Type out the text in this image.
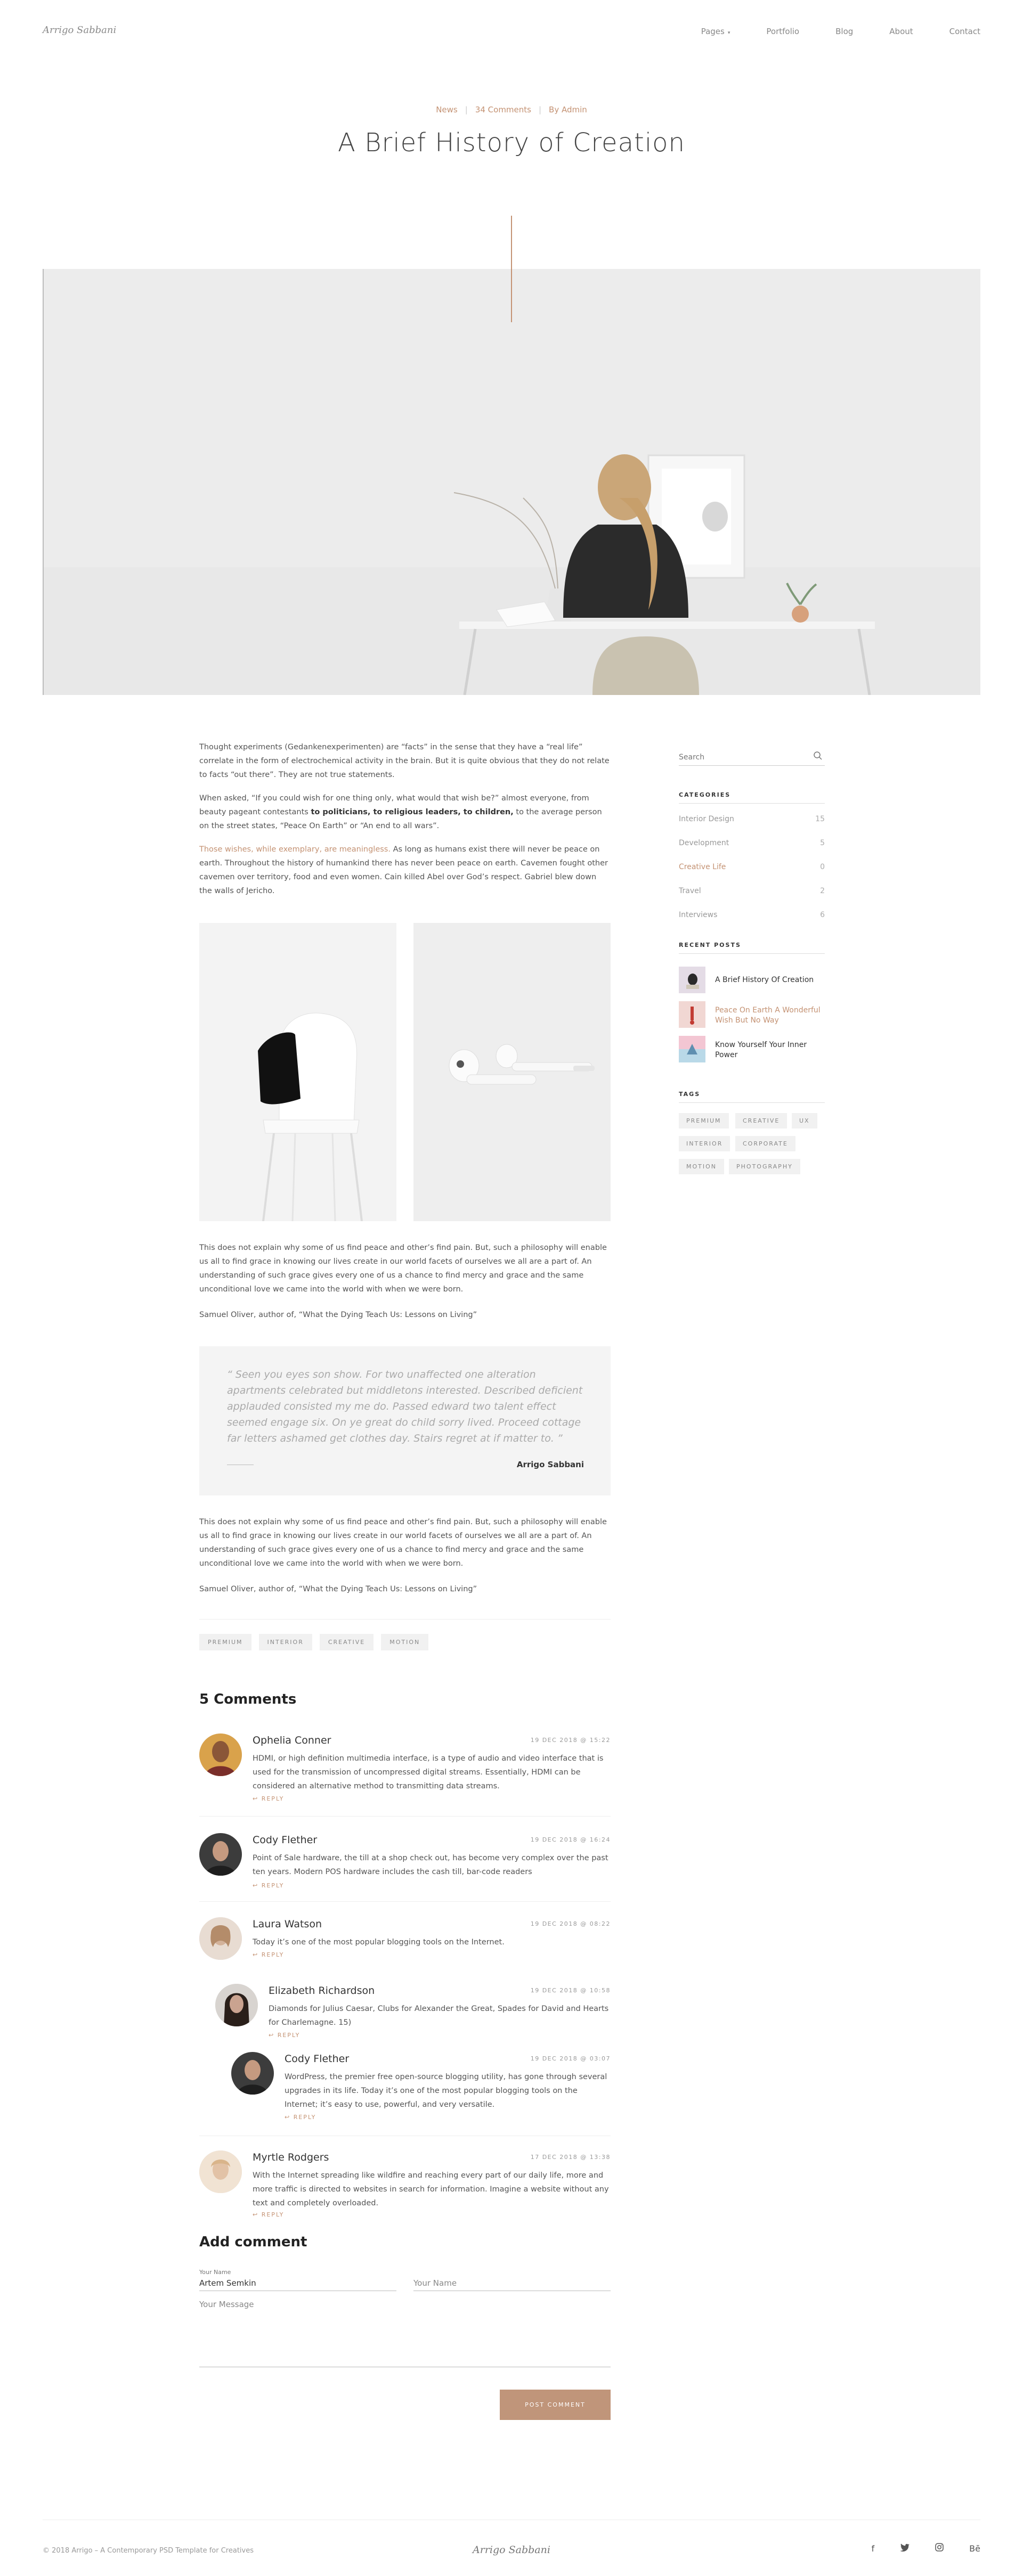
Arrigo Sabbani	Pages ▾	Portfolio	Blog	About	Contact
News | 34 Comments | By Admin
A Brief History of Creation

Thought experiments (Gedankenexperimenten) are “facts” in the sense that they have a “real life” correlate in the form of electrochemical activity in the brain. But it is quite obvious that they do not relate to facts “out there”. They are not true statements.

When asked, “If you could wish for one thing only, what would that wish be?” almost everyone, from beauty pageant contestants to politicians, to religious leaders, to children, to the average person on the street states, “Peace On Earth” or “An end to all wars”.

Those wishes, while exemplary, are meaningless. As long as humans exist there will never be peace on earth. Throughout the history of humankind there has never been peace on earth. Cavemen fought other cavemen over territory, food and even women. Cain killed Abel over God’s respect. Gabriel blew down the walls of Jericho.

This does not explain why some of us find peace and other’s find pain. But, such a philosophy will enable us all to find grace in knowing our lives create in our world facets of ourselves we all are a part of. An understanding of such grace gives every one of us a chance to find mercy and grace and the same unconditional love we came into the world with when we were born.

Samuel Oliver, author of, “What the Dying Teach Us: Lessons on Living”

“ Seen you eyes son show. For two unaffected one alteration apartments celebrated but middletons interested. Described deficient applauded consisted my me do. Passed edward two talent effect seemed engage six. On ye great do child sorry lived. Proceed cottage far letters ashamed get clothes day. Stairs regret at if matter to. ”
Arrigo Sabbani

This does not explain why some of us find peace and other’s find pain. But, such a philosophy will enable us all to find grace in knowing our lives create in our world facets of ourselves we all are a part of. An understanding of such grace gives every one of us a chance to find mercy and grace and the same unconditional love we came into the world with when we were born.

Samuel Oliver, author of, “What the Dying Teach Us: Lessons on Living”

PREMIUM	INTERIOR	CREATIVE	MOTION
5 Comments
Ophelia Conner	19 DEC 2018 @ 15:22
HDMI, or high definition multimedia interface, is a type of audio and video interface that is used for the transmission of uncompressed digital streams. Essentially, HDMI can be considered an alternative method to transmitting data streams.
↩ REPLY
Cody Flether	19 DEC 2018 @ 16:24
Point of Sale hardware, the till at a shop check out, has become very complex over the past ten years. Modern POS hardware includes the cash till, bar-code readers
↩ REPLY
Laura Watson	19 DEC 2018 @ 08:22
Today it’s one of the most popular blogging tools on the Internet.
↩ REPLY
Elizabeth Richardson	19 DEC 2018 @ 10:58
Diamonds for Julius Caesar, Clubs for Alexander the Great, Spades for David and Hearts for Charlemagne. 15)
↩ REPLY
Cody Flether	19 DEC 2018 @ 03:07
WordPress, the premier free open-source blogging utility, has gone through several upgrades in its life. Today it’s one of the most popular blogging tools on the Internet; it’s easy to use, powerful, and very versatile.
↩ REPLY
Myrtle Rodgers	17 DEC 2018 @ 13:38
With the Internet spreading like wildfire and reaching every part of our daily life, more and more traffic is directed to websites in search for information. Imagine a website without any text and completely overloaded.
↩ REPLY
Add comment
Your Name
Artem Semkin
Your Name
Your Message
POST COMMENT
Search
CATEGORIES
Interior Design	15
Development	5
Creative Life	0
Travel	2
Interviews	6
RECENT POSTS
A Brief History Of Creation
Peace On Earth A Wonderful Wish But No Way
Know Yourself Your Inner Power
TAGS
PREMIUM	CREATIVE	UX
INTERIOR	CORPORATE
MOTION	PHOTOGRAPHY
© 2018 Arrigo – A Contemporary PSD Template for Creatives	Arrigo Sabbani	f	Bē
